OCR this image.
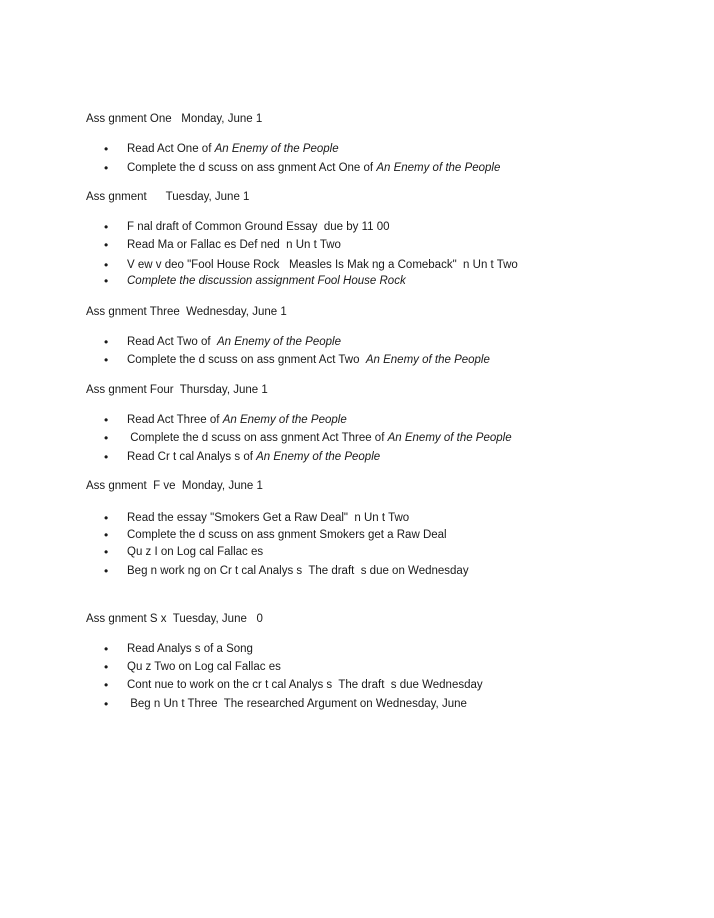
Ass gnment One   Monday, June 1
• Read Act One of An Enemy of the People
• Complete the d scuss on ass gnment Act One of An Enemy of the People
Ass gnment      Tuesday, June 1
• F nal draft of Common Ground Essay  due by 11 00
• Read Ma or Fallac es Def ned  n Un t Two
• V ew v deo "Fool House Rock   Measles Is Mak ng a Comeback"  n Un t Two
• Complete the discussion assignment Fool House Rock
Ass gnment Three  Wednesday, June 1
• Read Act Two of  An Enemy of the People
• Complete the d scuss on ass gnment Act Two  An Enemy of the People
Ass gnment Four  Thursday, June 1
• Read Act Three of An Enemy of the People
• Complete the d scuss on ass gnment Act Three of An Enemy of the People
• Read Cr t cal Analys s of An Enemy of the People
Ass gnment  F ve  Monday, June 1
• Read the essay "Smokers Get a Raw Deal"  n Un t Two
• Complete the d scuss on ass gnment Smokers get a Raw Deal
• Qu z I on Log cal Fallac es
• Beg n work ng on Cr t cal Analys s  The draft  s due on Wednesday
Ass gnment S x  Tuesday, June   0
• Read Analys s of a Song
• Qu z Two on Log cal Fallac es
• Cont nue to work on the cr t cal Analys s  The draft  s due Wednesday
• Beg n Un t Three  The researched Argument on Wednesday, June
